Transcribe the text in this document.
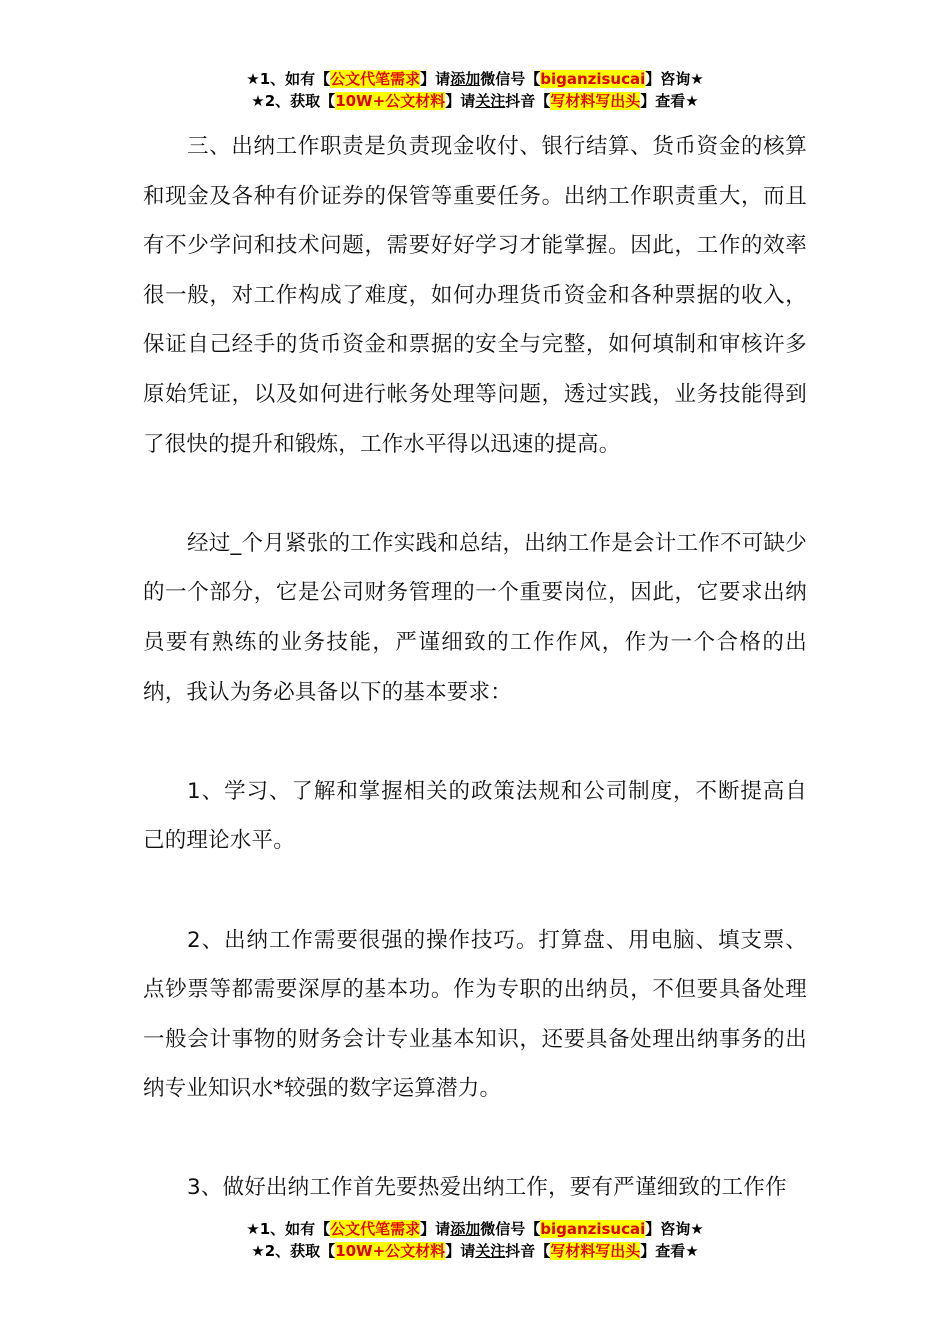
★1、如有【公文代笔需求】请添加微信号【biganzisucai】咨询★
★2、获取【10W+公文材料】请关注抖音【写材料写出头】查看★

三、出纳工作职责是负责现金收付、银行结算、货币资金的核算和现金及各种有价证券的保管等重要任务。出纳工作职责重大，而且有不少学问和技术问题，需要好好学习才能掌握。因此，工作的效率很一般，对工作构成了难度，如何办理货币资金和各种票据的收入，保证自己经手的货币资金和票据的安全与完整，如何填制和审核许多原始凭证，以及如何进行帐务处理等问题，透过实践，业务技能得到了很快的提升和锻炼，工作水平得以迅速的提高。

经过_个月紧张的工作实践和总结，出纳工作是会计工作不可缺少的一个部分，它是公司财务管理的一个重要岗位，因此，它要求出纳员要有熟练的业务技能，严谨细致的工作作风，作为一个合格的出纳，我认为务必具备以下的基本要求：

1、学习、了解和掌握相关的政策法规和公司制度，不断提高自己的理论水平。

2、出纳工作需要很强的操作技巧。打算盘、用电脑、填支票、点钞票等都需要深厚的基本功。作为专职的出纳员，不但要具备处理一般会计事物的财务会计专业基本知识，还要具备处理出纳事务的出纳专业知识水*较强的数字运算潜力。

3、做好出纳工作首先要热爱出纳工作，要有严谨细致的工作作

★1、如有【公文代笔需求】请添加微信号【biganzisucai】咨询★
★2、获取【10W+公文材料】请关注抖音【写材料写出头】查看★
